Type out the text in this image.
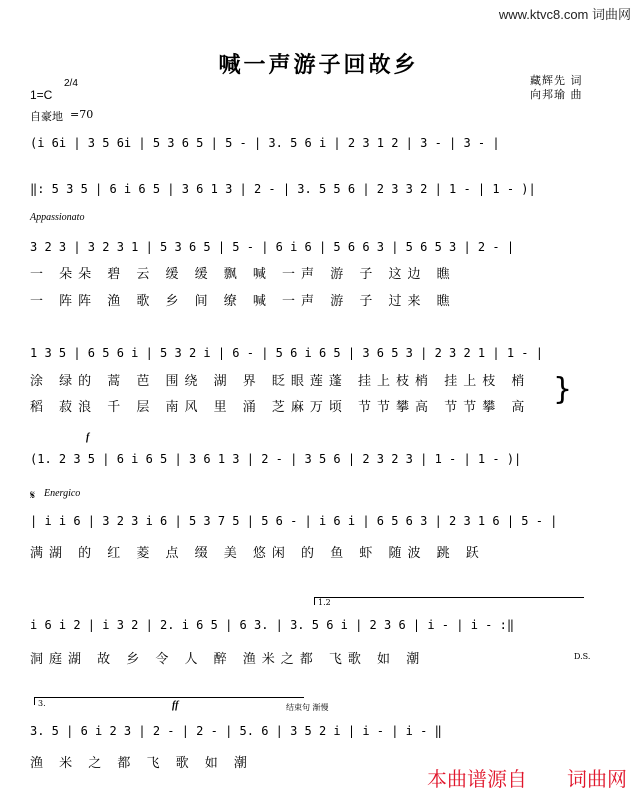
www.ktvc8.com 词曲网
喊一声游子回故乡
藏辉先 词
向邦瑜 曲
1=C
2/4
自豪地 =70
(i 6i | 3 5 6i | 5 3 6 5 | 5 - | 3. 5 6 i | 2 3 1 2 | 3 - | 3 - |
‖: 5 3 5 | 6 i 6 5 | 3 6 1 3 | 2 - | 3. 5 5 6 | 2 3 3 2 | 1 - | 1 - )|
Appassionato
3 2 3 | 3 2 3 1 | 5 3 6 5 | 5 - | 6 i 6 | 5 6 6 3 | 5 6 5 3 | 2 - |
一 朵朵 碧 云 缓 缓 飘 喊 一声 游 子 这边 瞧
一 阵阵 渔 歌 乡 间 缭 喊 一声 游 子 过来 瞧
1 3 5 | 6 5 6 i | 5 3 2 i | 6 - | 5 6 i 6 5 | 3 6 5 3 | 2 3 2 1 | 1 - |
涂 绿的 蒿 芭 围绕 湖 界 眨眼莲蓬 挂上枝梢 挂上枝 梢
稻 菽浪 千 层 南风 里 涌 芝麻万顷 节节攀高 节节攀 高
}
f
(1. 2 3 5 | 6 i 6 5 | 3 6 1 3 | 2 - | 3 5 6 | 2 3 2 3 | 1 - | 1 - )|
Energico
𝄋
| i i 6 | 3 2 3 i 6 | 5 3 7 5 | 5 6 - | i 6 i | 6 5 6 3 | 2 3 1 6 | 5 - |
满湖 的 红 菱 点 缀 美 悠闲 的 鱼 虾 随波 跳 跃
1.2
i 6 i 2 | i 3 2 | 2. i 6 5 | 6 3. | 3. 5 6 i | 2 3 6 | i - | i - :‖
洞庭湖 故 乡 令 人 醉 渔米之都 飞歌 如 潮	D.S.
3.	ff	结束句 渐慢
3. 5 | 6 i 2 3 | 2 - | 2 - | 5. 6 | 3 5 2 i | i - | i - ‖
渔 米 之 都 飞 歌 如 潮
本曲谱源自 词曲网
